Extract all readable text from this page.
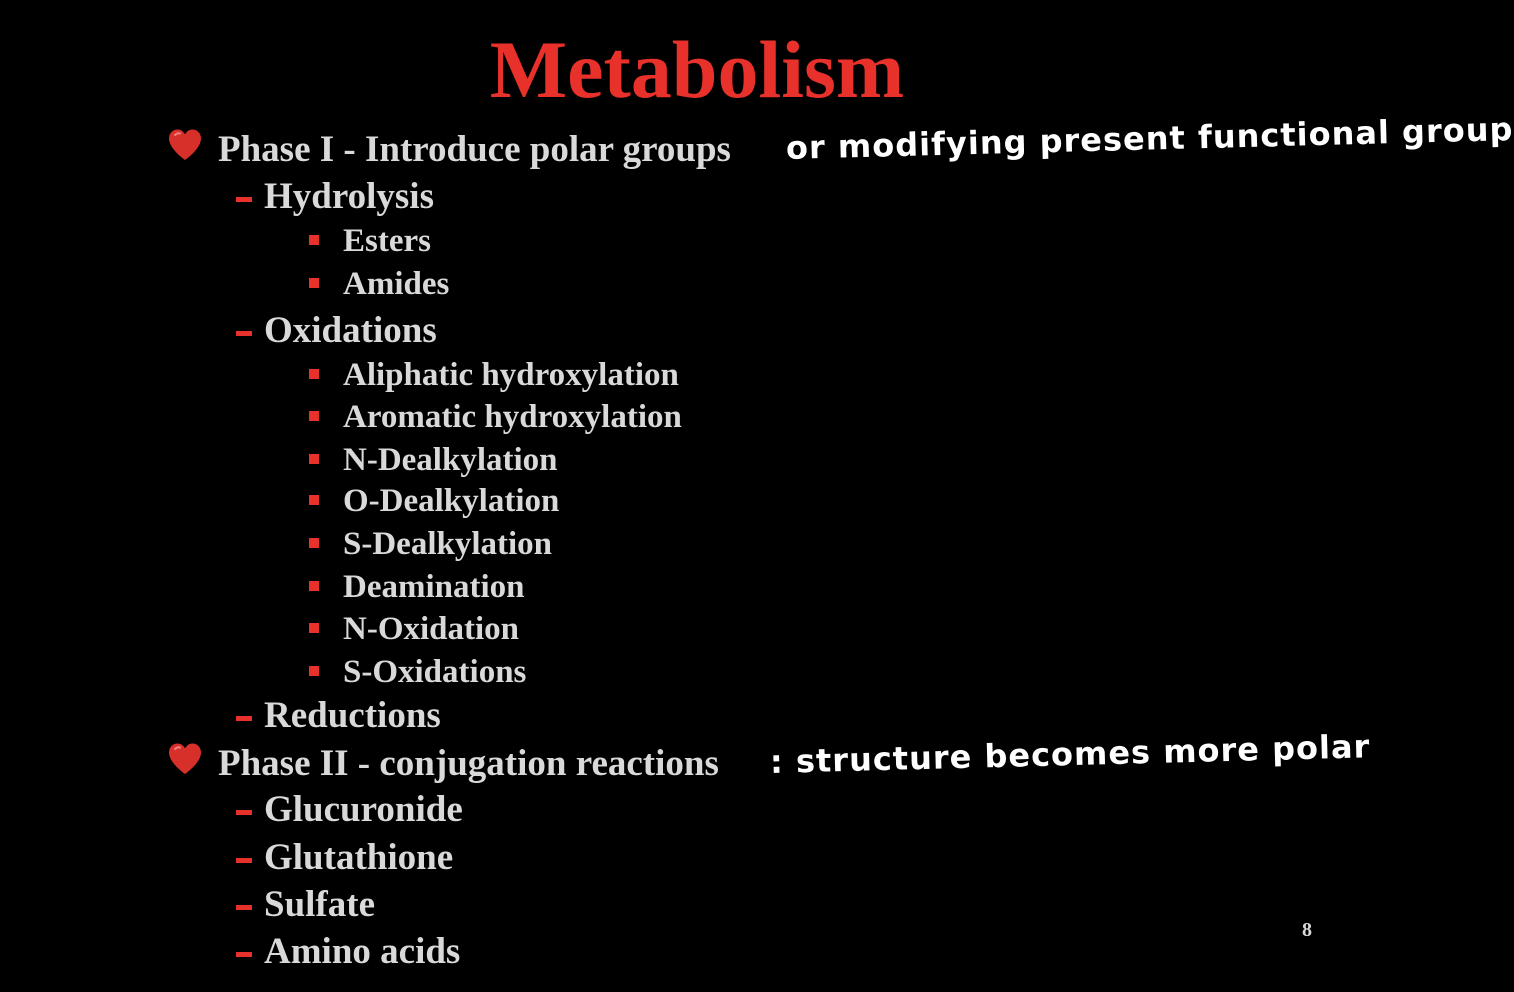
Metabolism
Phase I - Introduce polar groups or modifying present functional group
Hydrolysis
Esters
Amides
Oxidations
Aliphatic hydroxylation
Aromatic hydroxylation
N-Dealkylation
O-Dealkylation
S-Dealkylation
Deamination
N-Oxidation
S-Oxidations
Reductions
Phase II - conjugation reactions : structure becomes more polar
Glucuronide
Glutathione
Sulfate
Amino acids
8
